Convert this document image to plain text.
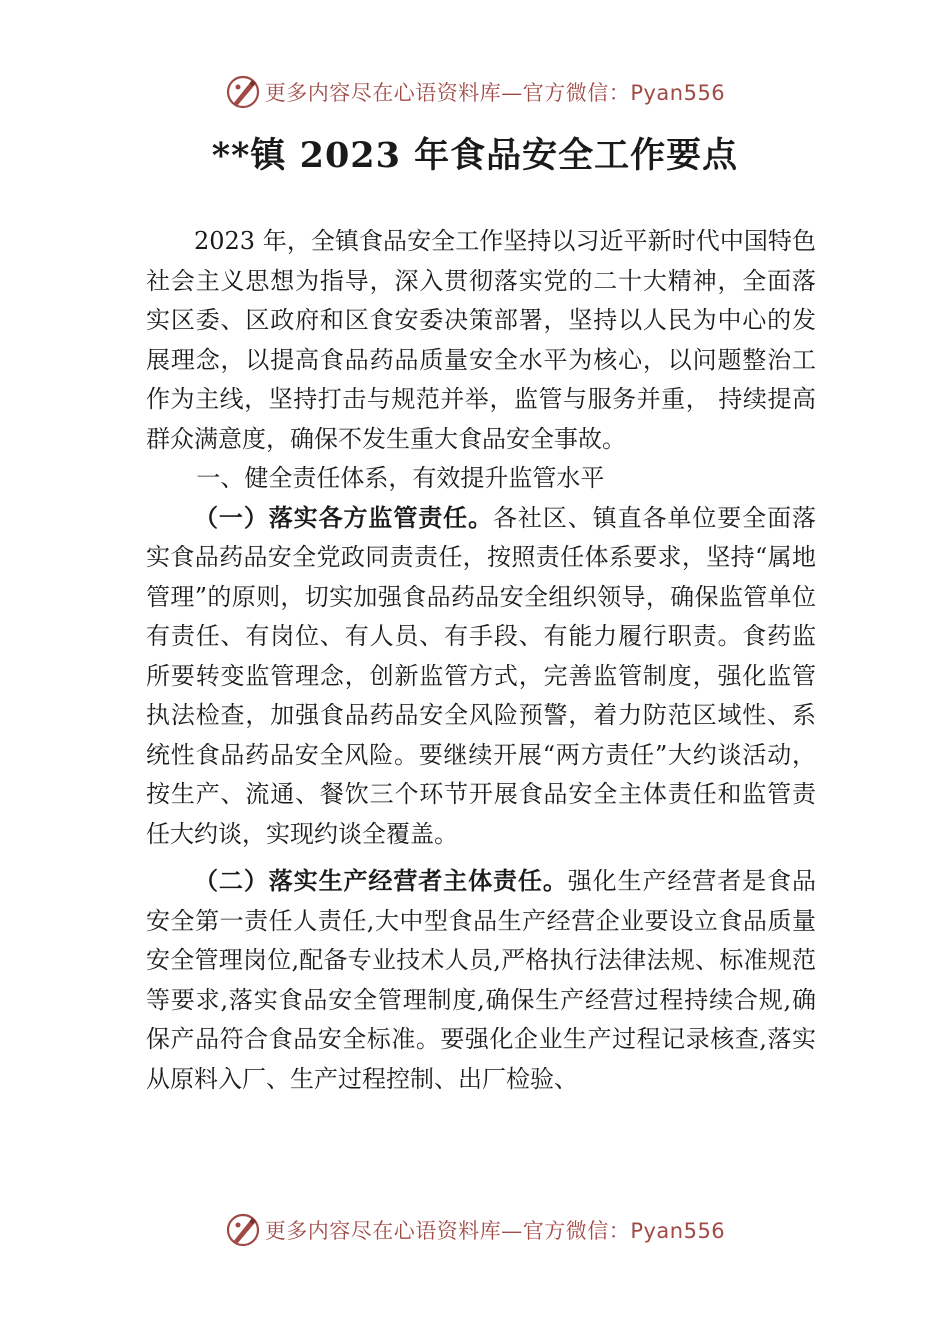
更多内容尽在心语资料库—官方微信：Pyan556
**镇 2023 年食品安全工作要点

2023 年，全镇食品安全工作坚持以习近平新时代中国特色社会主义思想为指导，深入贯彻落实党的二十大精神，全面落实区委、区政府和区食安委决策部署，坚持以人民为中心的发展理念，以提高食品药品质量安全水平为核心，以问题整治工作为主线，坚持打击与规范并举，监管与服务并重， 持续提高群众满意度，确保不发生重大食品安全事故。

一、健全责任体系，有效提升监管水平

（一）落实各方监管责任。各社区、镇直各单位要全面落实食品药品安全党政同责责任，按照责任体系要求，坚持“属地管理”的原则，切实加强食品药品安全组织领导，确保监管单位有责任、有岗位、有人员、有手段、有能力履行职责。食药监所要转变监管理念，创新监管方式，完善监管制度，强化监管执法检查，加强食品药品安全风险预警，着力防范区域性、系统性食品药品安全风险。要继续开展“两方责任”大约谈活动，按生产、流通、餐饮三个环节开展食品安全主体责任和监管责任大约谈，实现约谈全覆盖。

（二）落实生产经营者主体责任。强化生产经营者是食品安全第一责任人责任,大中型食品生产经营企业要设立食品质量安全管理岗位,配备专业技术人员,严格执行法律法规、标准规范等要求,落实食品安全管理制度,确保生产经营过程持续合规,确保产品符合食品安全标准。要强化企业生产过程记录核查,落实从原料入厂、生产过程控制、出厂检验、

更多内容尽在心语资料库—官方微信：Pyan556
